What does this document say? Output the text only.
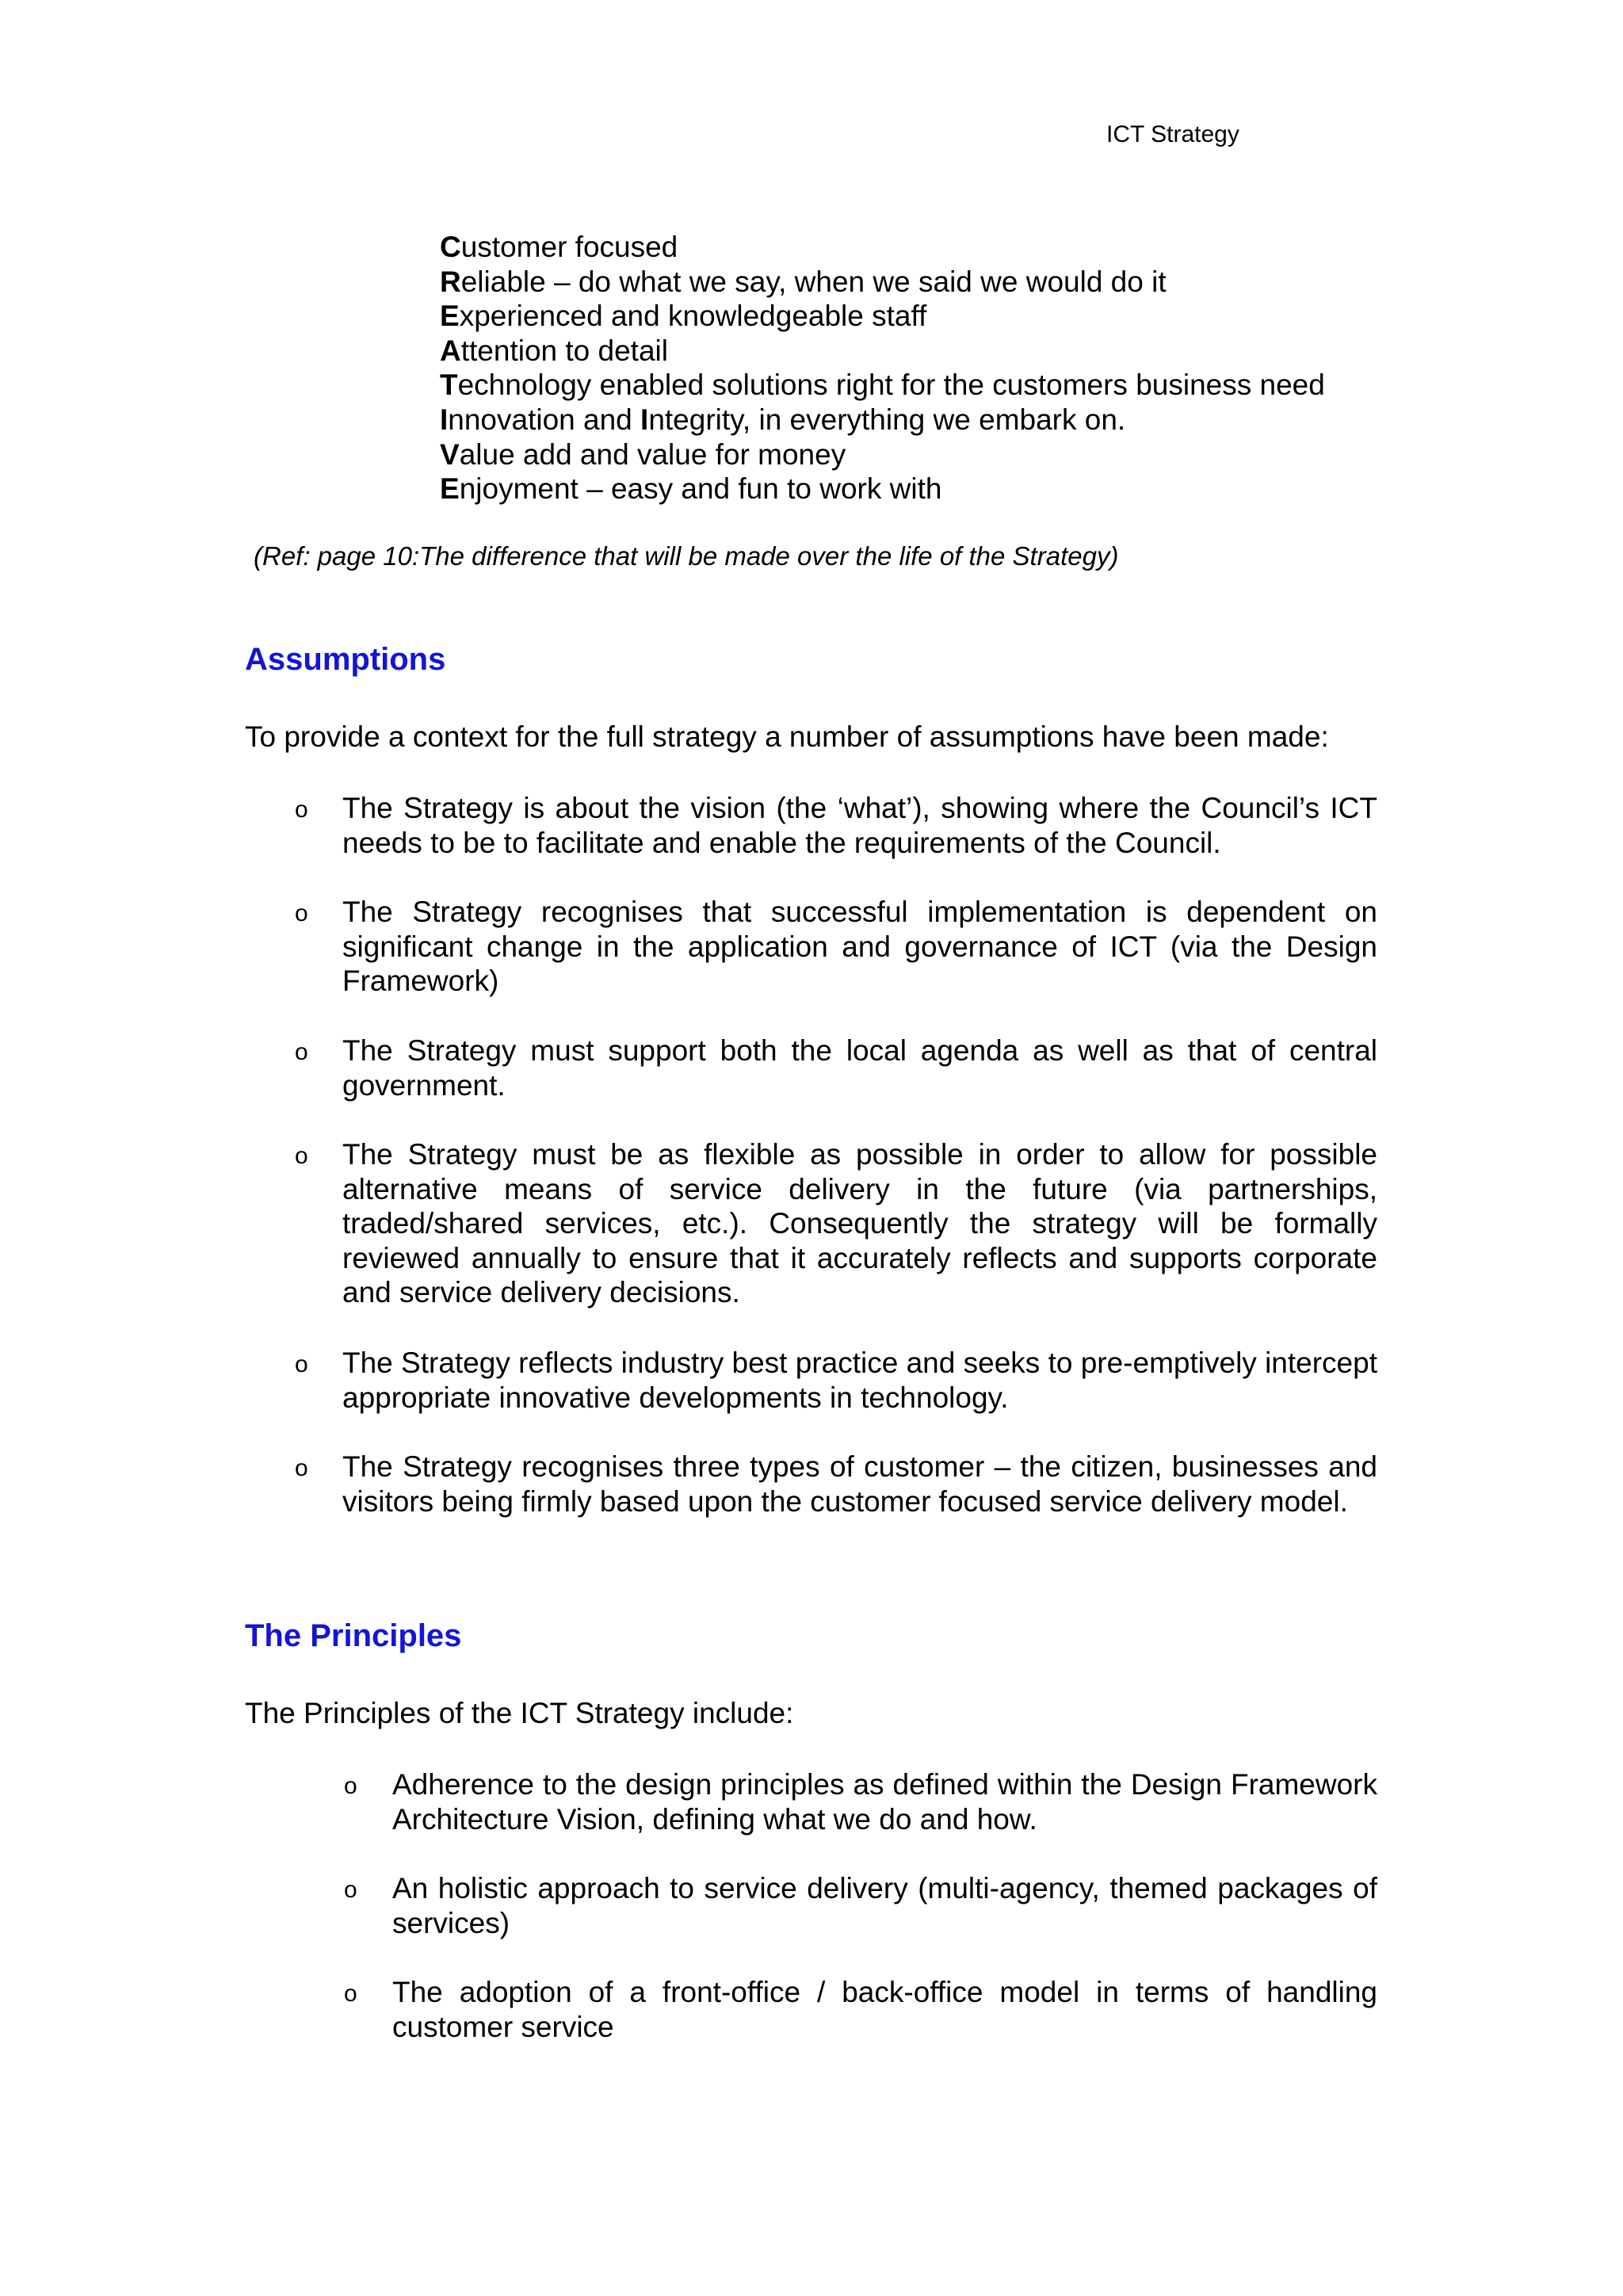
ICT Strategy
Customer focused
Reliable – do what we say, when we said we would do it
Experienced and knowledgeable staff
Attention to detail
Technology enabled solutions right for the customers business need
Innovation and Integrity, in everything we embark on.
Value add and value for money
Enjoyment – easy and fun to work with
(Ref: page 10:The difference that will be made over the life of the Strategy)
Assumptions
To provide a context for the full strategy a number of assumptions have been made:
o The Strategy is about the vision (the ‘what’), showing where the Council’s ICT needs to be to facilitate and enable the requirements of the Council.
o The Strategy recognises that successful implementation is dependent on significant change in the application and governance of ICT (via the Design Framework)
o The Strategy must support both the local agenda as well as that of central government.
o The Strategy must be as flexible as possible in order to allow for possible alternative means of service delivery in the future (via partnerships, traded/shared services, etc.). Consequently the strategy will be formally reviewed annually to ensure that it accurately reflects and supports corporate and service delivery decisions.
o The Strategy reflects industry best practice and seeks to pre-emptively intercept appropriate innovative developments in technology.
o The Strategy recognises three types of customer – the citizen, businesses and visitors being firmly based upon the customer focused service delivery model.
The Principles
The Principles of the ICT Strategy include:
o Adherence to the design principles as defined within the Design Framework Architecture Vision, defining what we do and how.
o An holistic approach to service delivery (multi-agency, themed packages of services)
o The adoption of a front-office / back-office model in terms of handling customer service
